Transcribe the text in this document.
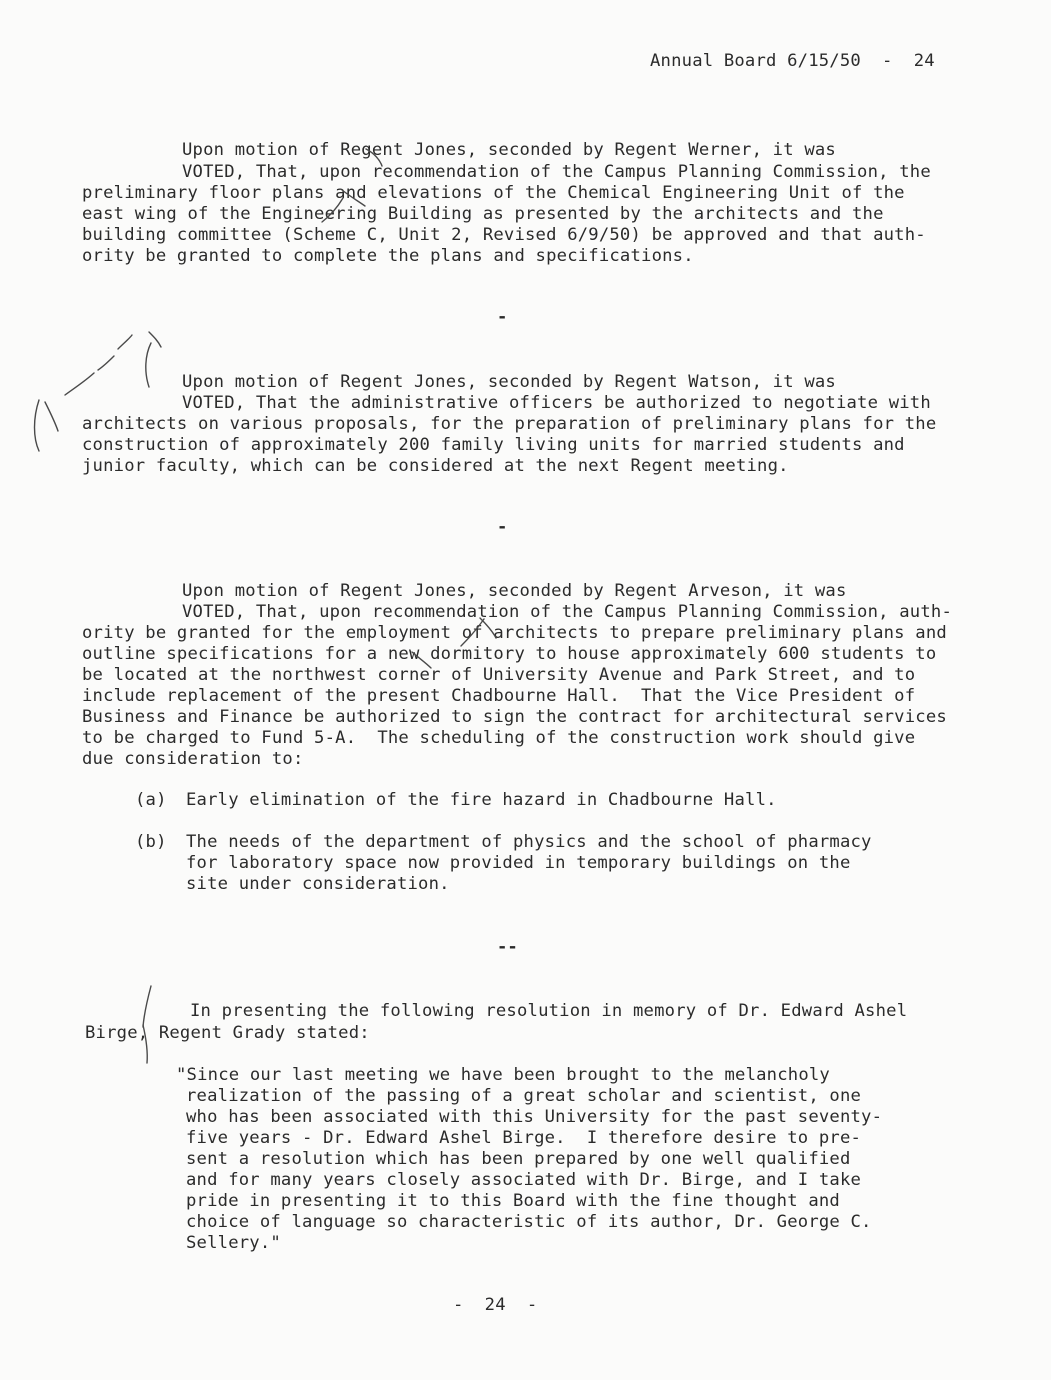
Annual Board 6/15/50  -  24
Upon motion of Regent Jones, seconded by Regent Werner, it was
VOTED, That, upon recommendation of the Campus Planning Commission, the
preliminary floor plans and elevations of the Chemical Engineering Unit of the
east wing of the Engineering Building as presented by the architects and the
building committee (Scheme C, Unit 2, Revised 6/9/50) be approved and that auth-
ority be granted to complete the plans and specifications.
-
Upon motion of Regent Jones, seconded by Regent Watson, it was
VOTED, That the administrative officers be authorized to negotiate with
architects on various proposals, for the preparation of preliminary plans for the
construction of approximately 200 family living units for married students and
junior faculty, which can be considered at the next Regent meeting.
-
Upon motion of Regent Jones, seconded by Regent Arveson, it was
VOTED, That, upon recommendation of the Campus Planning Commission, auth-
ority be granted for the employment of architects to prepare preliminary plans and
outline specifications for a new dormitory to house approximately 600 students to
be located at the northwest corner of University Avenue and Park Street, and to
include replacement of the present Chadbourne Hall.  That the Vice President of
Business and Finance be authorized to sign the contract for architectural services
to be charged to Fund 5-A.  The scheduling of the construction work should give
due consideration to:
(a) Early elimination of the fire hazard in Chadbourne Hall.
(b) The needs of the department of physics and the school of pharmacy
for laboratory space now provided in temporary buildings on the
site under consideration.
--
In presenting the following resolution in memory of Dr. Edward Ashel
Birge, Regent Grady stated:
"Since our last meeting we have been brought to the melancholy
realization of the passing of a great scholar and scientist, one
who has been associated with this University for the past seventy-
five years - Dr. Edward Ashel Birge.  I therefore desire to pre-
sent a resolution which has been prepared by one well qualified
and for many years closely associated with Dr. Birge, and I take
pride in presenting it to this Board with the fine thought and
choice of language so characteristic of its author, Dr. George C.
Sellery."
-  24  -
